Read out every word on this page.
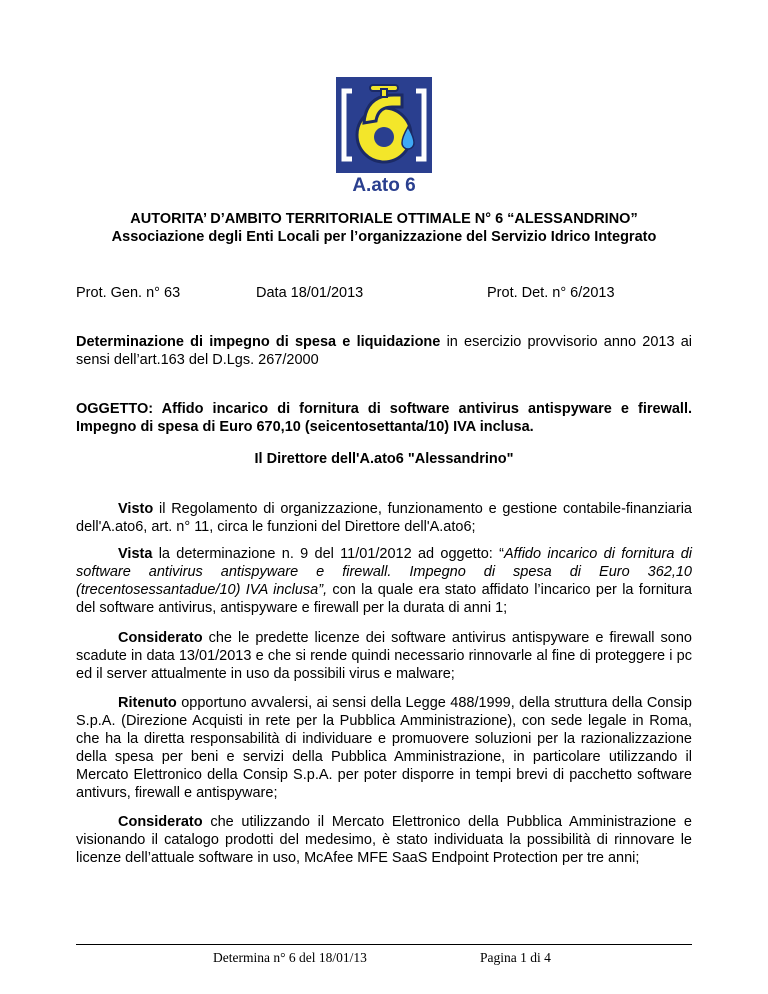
A.ato 6
AUTORITA’ D’AMBITO TERRITORIALE OTTIMALE N° 6 “ALESSANDRINO”
Associazione degli Enti Locali per l’organizzazione del Servizio Idrico Integrato
Prot. Gen. n° 63	Data 18/01/2013	Prot. Det. n° 6/2013
Determinazione di impegno di spesa e liquidazione in esercizio provvisorio anno 2013 ai sensi dell’art.163 del D.Lgs. 267/2000
OGGETTO: Affido incarico di fornitura di software antivirus antispyware e firewall. Impegno di spesa di Euro 670,10 (seicentosettanta/10) IVA inclusa.
Il Direttore dell'A.ato6 "Alessandrino"
Visto il Regolamento di organizzazione, funzionamento e gestione contabile-finanziaria dell'A.ato6, art. n° 11, circa le funzioni del Direttore dell'A.ato6;
Vista la determinazione n. 9 del 11/01/2012 ad oggetto: “Affido incarico di fornitura di software antivirus antispyware e firewall. Impegno di spesa di Euro 362,10 (trecentosessantadue/10) IVA inclusa”, con la quale era stato affidato l’incarico per la fornitura del software antivirus, antispyware e firewall per la durata di anni 1;
Considerato che le predette licenze dei software antivirus antispyware e firewall sono scadute in data 13/01/2013 e che si rende quindi necessario rinnovarle al fine di proteggere i pc ed il server attualmente in uso da possibili virus e malware;
Ritenuto opportuno avvalersi, ai sensi della Legge 488/1999, della struttura della Consip S.p.A. (Direzione Acquisti in rete per la Pubblica Amministrazione), con sede legale in Roma, che ha la diretta responsabilità di individuare e promuovere soluzioni per la razionalizzazione della spesa per beni e servizi della Pubblica Amministrazione, in particolare utilizzando il Mercato Elettronico della Consip S.p.A. per poter disporre in tempi brevi di pacchetto software antivurs, firewall e antispyware;
Considerato che utilizzando il Mercato Elettronico della Pubblica Amministrazione e visionando il catalogo prodotti del medesimo, è stato individuata la possibilità di rinnovare le licenze dell’attuale software in uso, McAfee MFE SaaS Endpoint Protection per tre anni;
Determina n° 6 del 18/01/13	Pagina 1 di 4
